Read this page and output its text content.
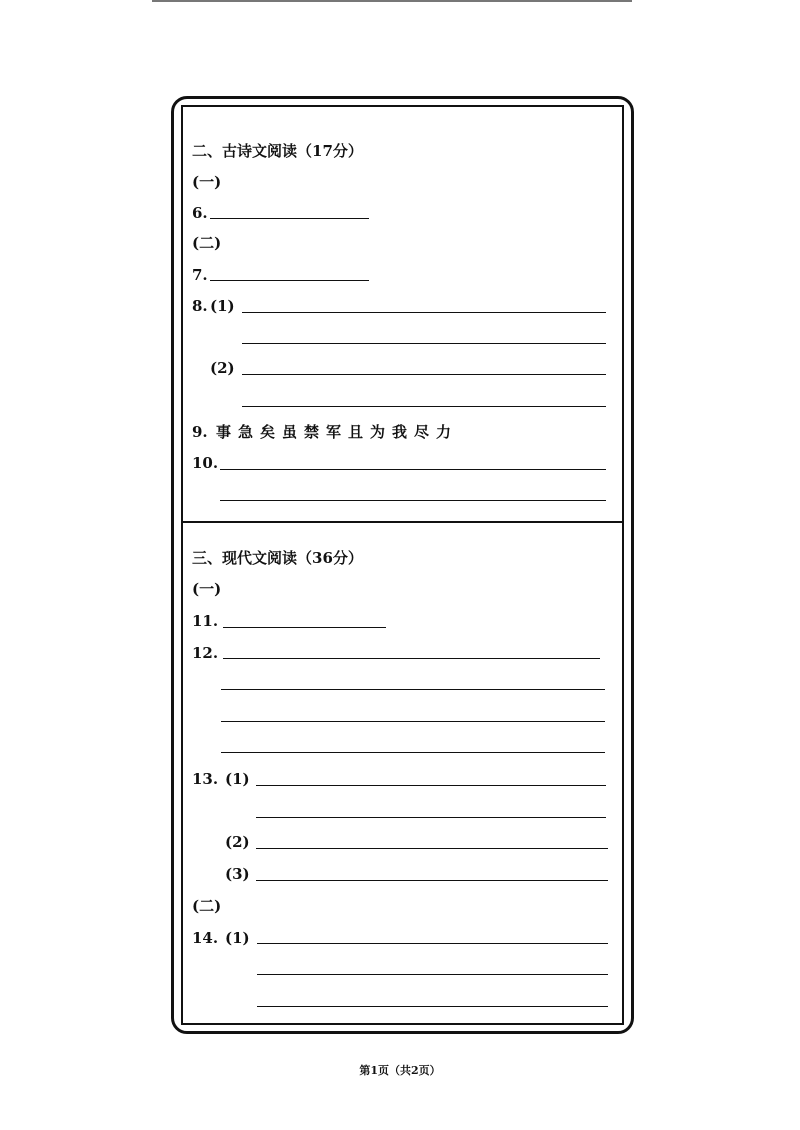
二、古诗文阅读（17分）
(一)
6.
(二)
7.
8. (1)
(2)
9. 事急矣虽禁军且为我尽力
10.
三、现代文阅读（36分）
(一)
11.
12.
13. (1)
(2)
(3)
(二)
14. (1)
第1页（共2页）
